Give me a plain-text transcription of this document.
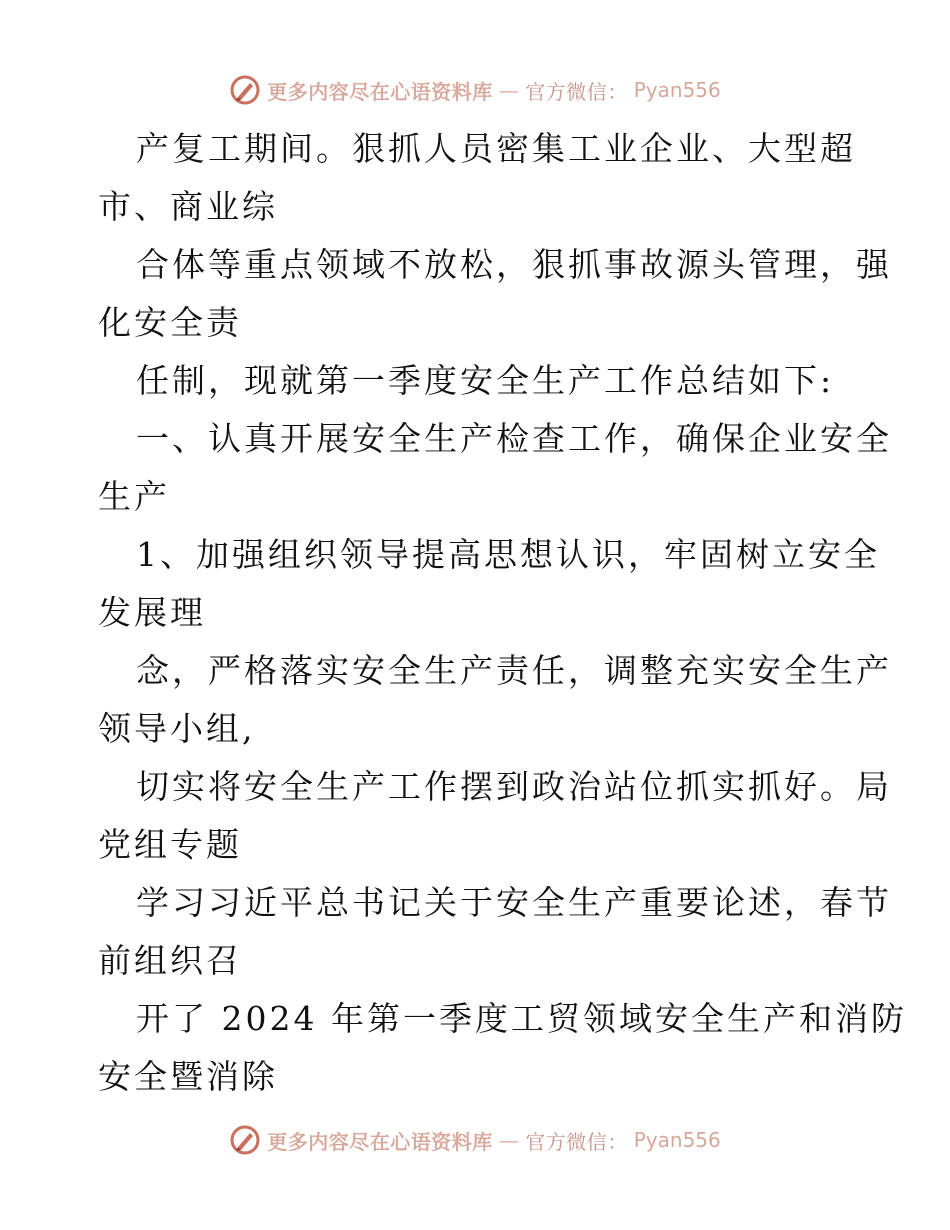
更多内容尽在心语资料库 — 官方微信： Pyan556
产复工期间。狠抓人员密集工业企业、大型超
市、商业综
合体等重点领域不放松，狠抓事故源头管理，强
化安全责
任制，现就第一季度安全生产工作总结如下:
一、认真开展安全生产检查工作，确保企业安全
生产
1、加强组织领导提高思想认识，牢固树立安全
发展理
念，严格落实安全生产责任，调整充实安全生产
领导小组,
切实将安全生产工作摆到政治站位抓实抓好。局
党组专题
学习习近平总书记关于安全生产重要论述，春节
前组织召
开了 2024 年第一季度工贸领域安全生产和消防
安全暨消除
更多内容尽在心语资料库 — 官方微信： Pyan556
